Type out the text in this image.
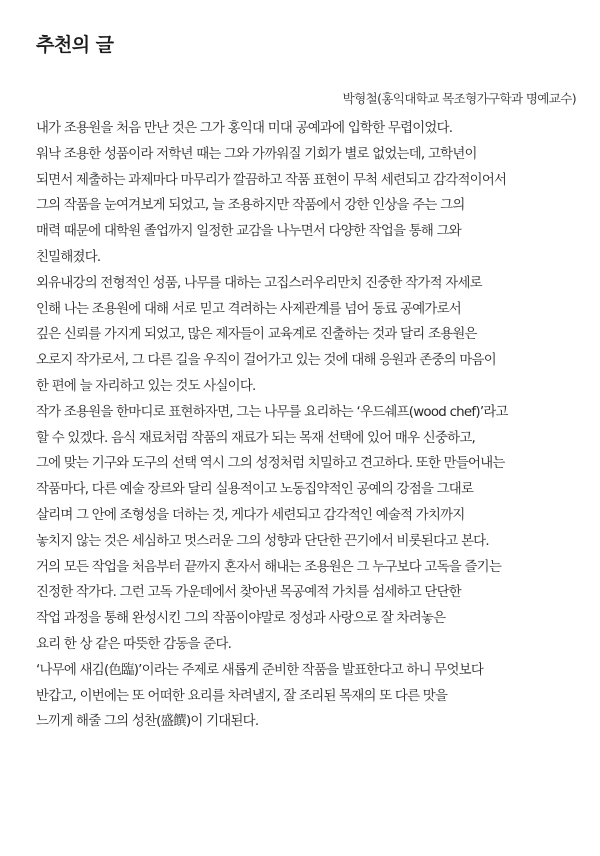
추천의 글
박형철(홍익대학교 목조형가구학과 명예교수)
내가 조용원을 처음 만난 것은 그가 홍익대 미대 공예과에 입학한 무렵이었다.
워낙 조용한 성품이라 저학년 때는 그와 가까워질 기회가 별로 없었는데, 고학년이
되면서 제출하는 과제마다 마무리가 깔끔하고 작품 표현이 무척 세련되고 감각적이어서
그의 작품을 눈여겨보게 되었고, 늘 조용하지만 작품에서 강한 인상을 주는 그의
매력 때문에 대학원 졸업까지 일정한 교감을 나누면서 다양한 작업을 통해 그와
친밀해졌다.
외유내강의 전형적인 성품, 나무를 대하는 고집스러우리만치 진중한 작가적 자세로
인해 나는 조용원에 대해 서로 믿고 격려하는 사제관계를 넘어 동료 공예가로서
깊은 신뢰를 가지게 되었고, 많은 제자들이 교육계로 진출하는 것과 달리 조용원은
오로지 작가로서, 그 다른 길을 우직이 걸어가고 있는 것에 대해 응원과 존중의 마음이
한 편에 늘 자리하고 있는 것도 사실이다.
작가 조용원을 한마디로 표현하자면, 그는 나무를 요리하는 ‘우드쉐프(wood chef)’라고
할 수 있겠다. 음식 재료처럼 작품의 재료가 되는 목재 선택에 있어 매우 신중하고,
그에 맞는 기구와 도구의 선택 역시 그의 성정처럼 치밀하고 견고하다. 또한 만들어내는
작품마다, 다른 예술 장르와 달리 실용적이고 노동집약적인 공예의 강점을 그대로
살리며 그 안에 조형성을 더하는 것, 게다가 세련되고 감각적인 예술적 가치까지
놓치지 않는 것은 세심하고 멋스러운 그의 성향과 단단한 끈기에서 비롯된다고 본다.
거의 모든 작업을 처음부터 끝까지 혼자서 해내는 조용원은 그 누구보다 고독을 즐기는
진정한 작가다. 그런 고독 가운데에서 찾아낸 목공예적 가치를 섬세하고 단단한
작업 과정을 통해 완성시킨 그의 작품이야말로 정성과 사랑으로 잘 차려놓은
요리 한 상 같은 따뜻한 감동을 준다.
‘나무에 새김(色臨)’이라는 주제로 새롭게 준비한 작품을 발표한다고 하니 무엇보다
반갑고, 이번에는 또 어떠한 요리를 차려낼지, 잘 조리된 목재의 또 다른 맛을
느끼게 해줄 그의 성찬(盛饌)이 기대된다.
